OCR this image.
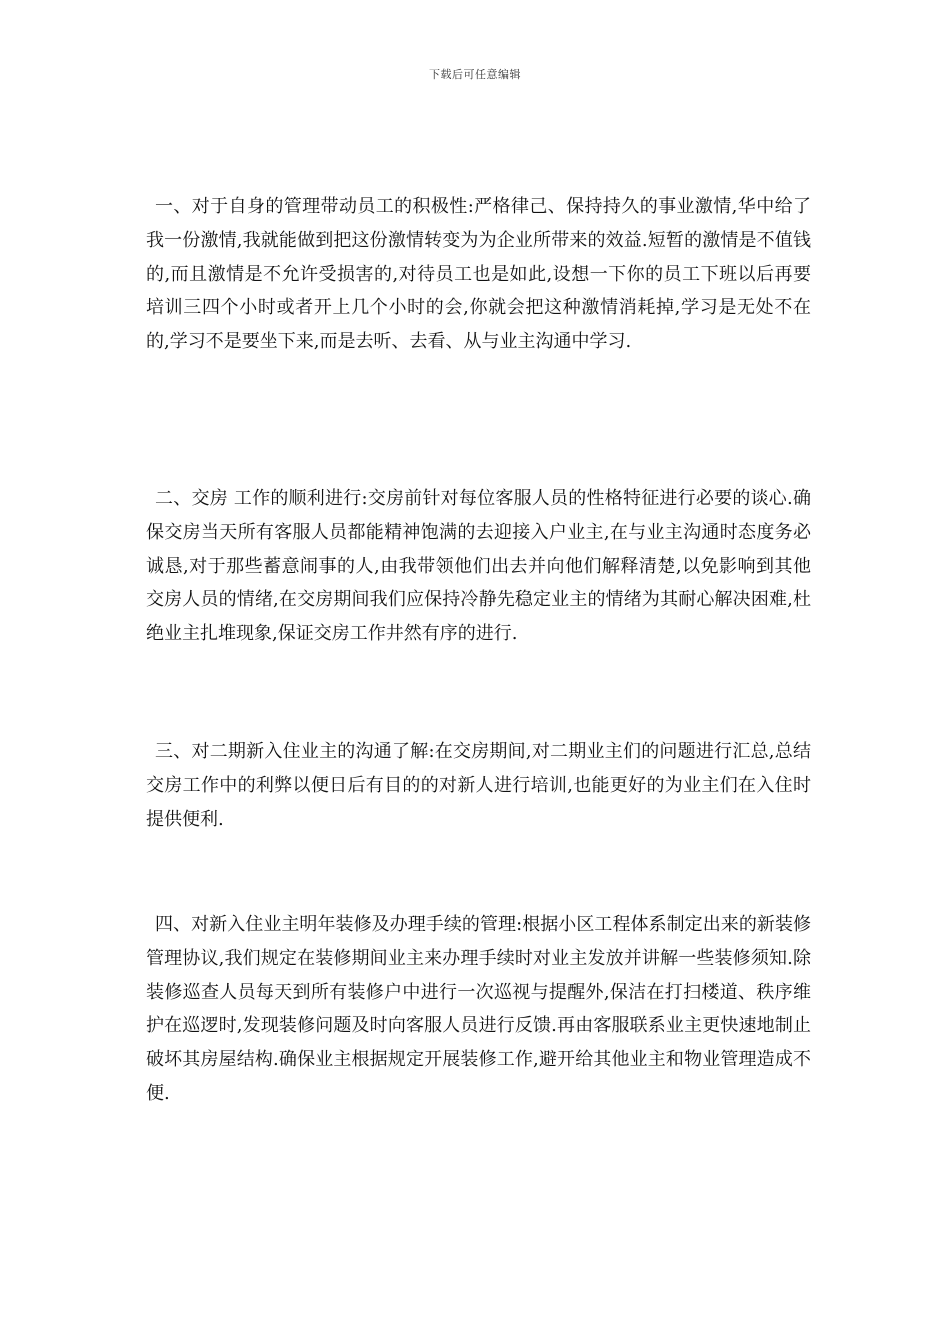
下载后可任意编辑

一、对于自身的管理带动员工的积极性:严格律己、保持持久的事业激情,华中给了我一份激情,我就能做到把这份激情转变为为企业所带来的效益.短暂的激情是不值钱的,而且激情是不允许受损害的,对待员工也是如此,设想一下你的员工下班以后再要培训三四个小时或者开上几个小时的会,你就会把这种激情消耗掉,学习是无处不在的,学习不是要坐下来,而是去听、去看、从与业主沟通中学习.

二、交房 工作的顺利进行:交房前针对每位客服人员的性格特征进行必要的谈心.确保交房当天所有客服人员都能精神饱满的去迎接入户业主,在与业主沟通时态度务必诚恳,对于那些蓄意闹事的人,由我带领他们出去并向他们解释清楚,以免影响到其他交房人员的情绪,在交房期间我们应保持冷静先稳定业主的情绪为其耐心解决困难,杜绝业主扎堆现象,保证交房工作井然有序的进行.

三、对二期新入住业主的沟通了解:在交房期间,对二期业主们的问题进行汇总,总结交房工作中的利弊以便日后有目的的对新人进行培训,也能更好的为业主们在入住时提供便利.

四、对新入住业主明年装修及办理手续的管理:根据小区工程体系制定出来的新装修管理协议,我们规定在装修期间业主来办理手续时对业主发放并讲解一些装修须知.除装修巡查人员每天到所有装修户中进行一次巡视与提醒外,保洁在打扫楼道、秩序维护在巡逻时,发现装修问题及时向客服人员进行反馈.再由客服联系业主更快速地制止破坏其房屋结构.确保业主根据规定开展装修工作,避开给其他业主和物业管理造成不便.
